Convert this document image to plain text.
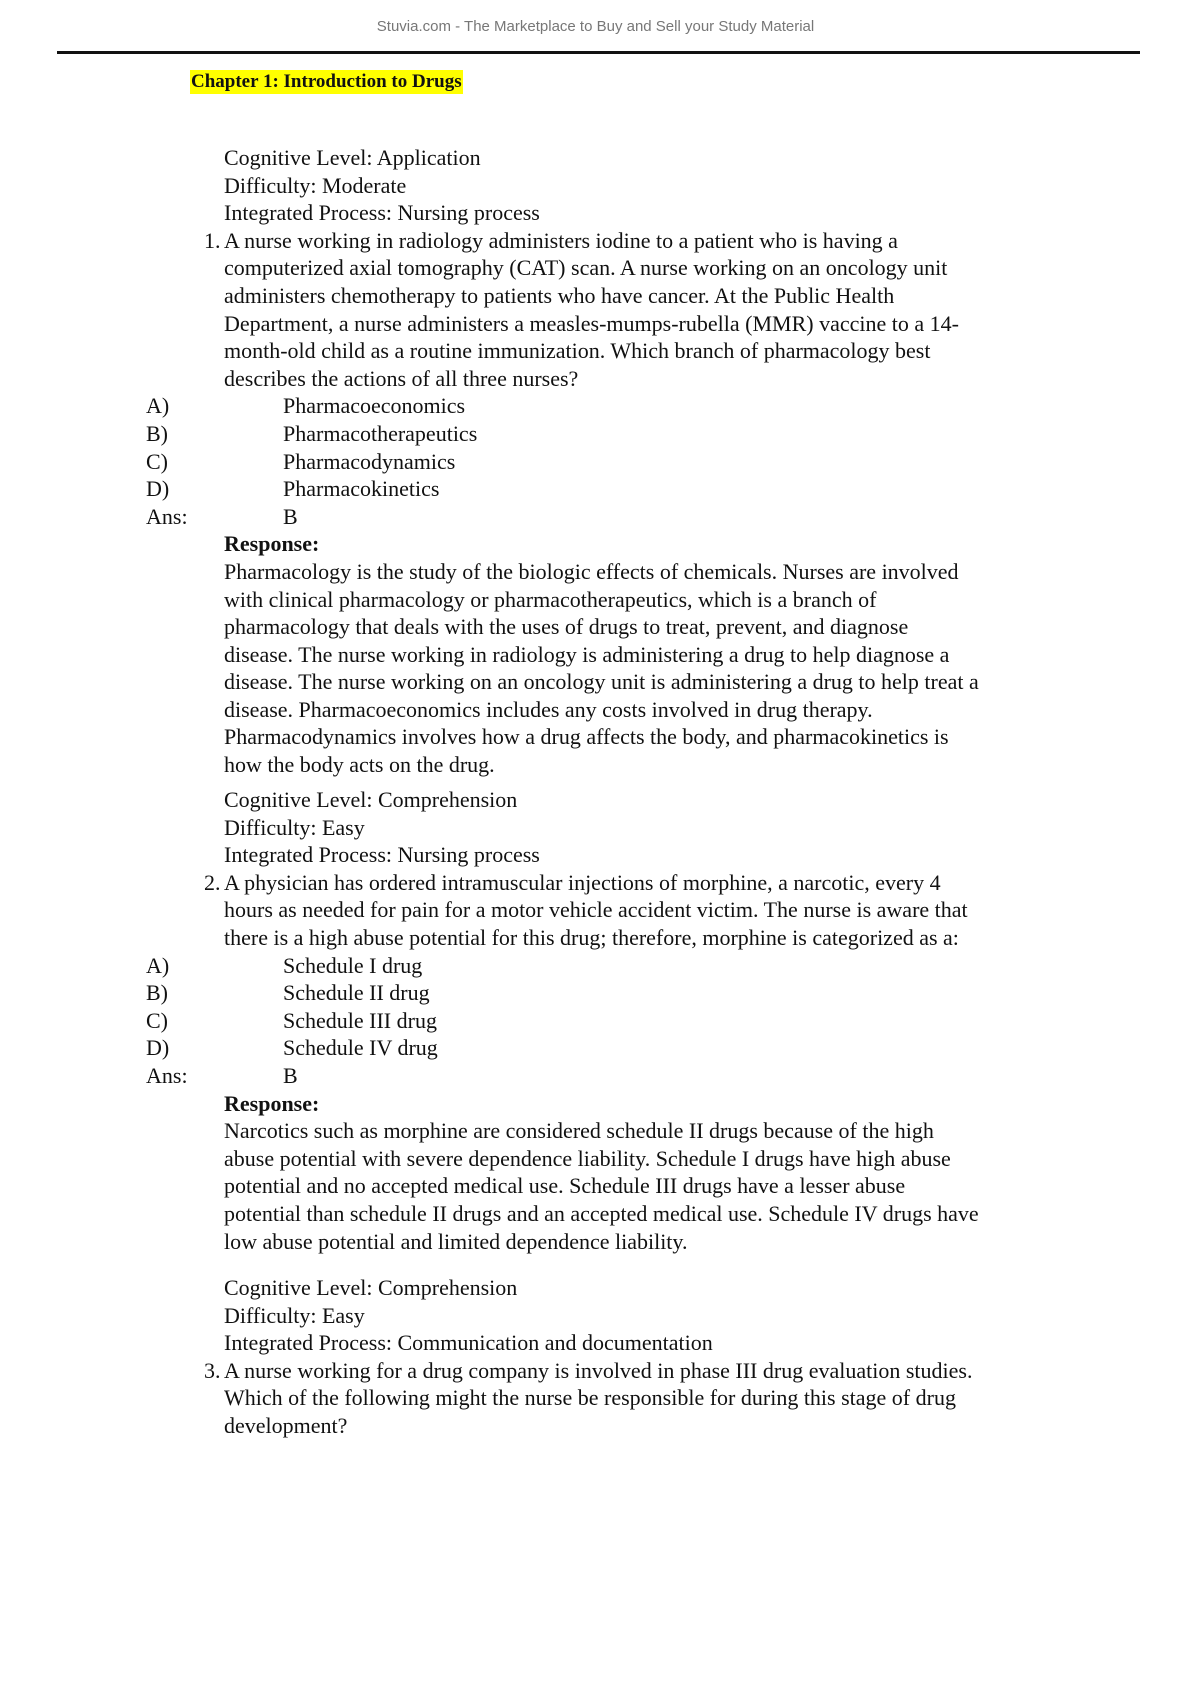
Stuvia.com - The Marketplace to Buy and Sell your Study Material
Chapter 1: Introduction to Drugs
Cognitive Level: Application
Difficulty: Moderate
Integrated Process: Nursing process
1. A nurse working in radiology administers iodine to a patient who is having a
computerized axial tomography (CAT) scan. A nurse working on an oncology unit
administers chemotherapy to patients who have cancer. At the Public Health
Department, a nurse administers a measles-mumps-rubella (MMR) vaccine to a 14-
month-old child as a routine immunization. Which branch of pharmacology best
describes the actions of all three nurses?
A)	Pharmacoeconomics
B)	Pharmacotherapeutics
C)	Pharmacodynamics
D)	Pharmacokinetics
Ans:	B
Response:
Pharmacology is the study of the biologic effects of chemicals. Nurses are involved
with clinical pharmacology or pharmacotherapeutics, which is a branch of
pharmacology that deals with the uses of drugs to treat, prevent, and diagnose
disease. The nurse working in radiology is administering a drug to help diagnose a
disease. The nurse working on an oncology unit is administering a drug to help treat a
disease. Pharmacoeconomics includes any costs involved in drug therapy.
Pharmacodynamics involves how a drug affects the body, and pharmacokinetics is
how the body acts on the drug.
Cognitive Level: Comprehension
Difficulty: Easy
Integrated Process: Nursing process
2. A physician has ordered intramuscular injections of morphine, a narcotic, every 4
hours as needed for pain for a motor vehicle accident victim. The nurse is aware that
there is a high abuse potential for this drug; therefore, morphine is categorized as a:
A)	Schedule I drug
B)	Schedule II drug
C)	Schedule III drug
D)	Schedule IV drug
Ans:	B
Response:
Narcotics such as morphine are considered schedule II drugs because of the high
abuse potential with severe dependence liability. Schedule I drugs have high abuse
potential and no accepted medical use. Schedule III drugs have a lesser abuse
potential than schedule II drugs and an accepted medical use. Schedule IV drugs have
low abuse potential and limited dependence liability.
Cognitive Level: Comprehension
Difficulty: Easy
Integrated Process: Communication and documentation
3. A nurse working for a drug company is involved in phase III drug evaluation studies.
Which of the following might the nurse be responsible for during this stage of drug
development?
